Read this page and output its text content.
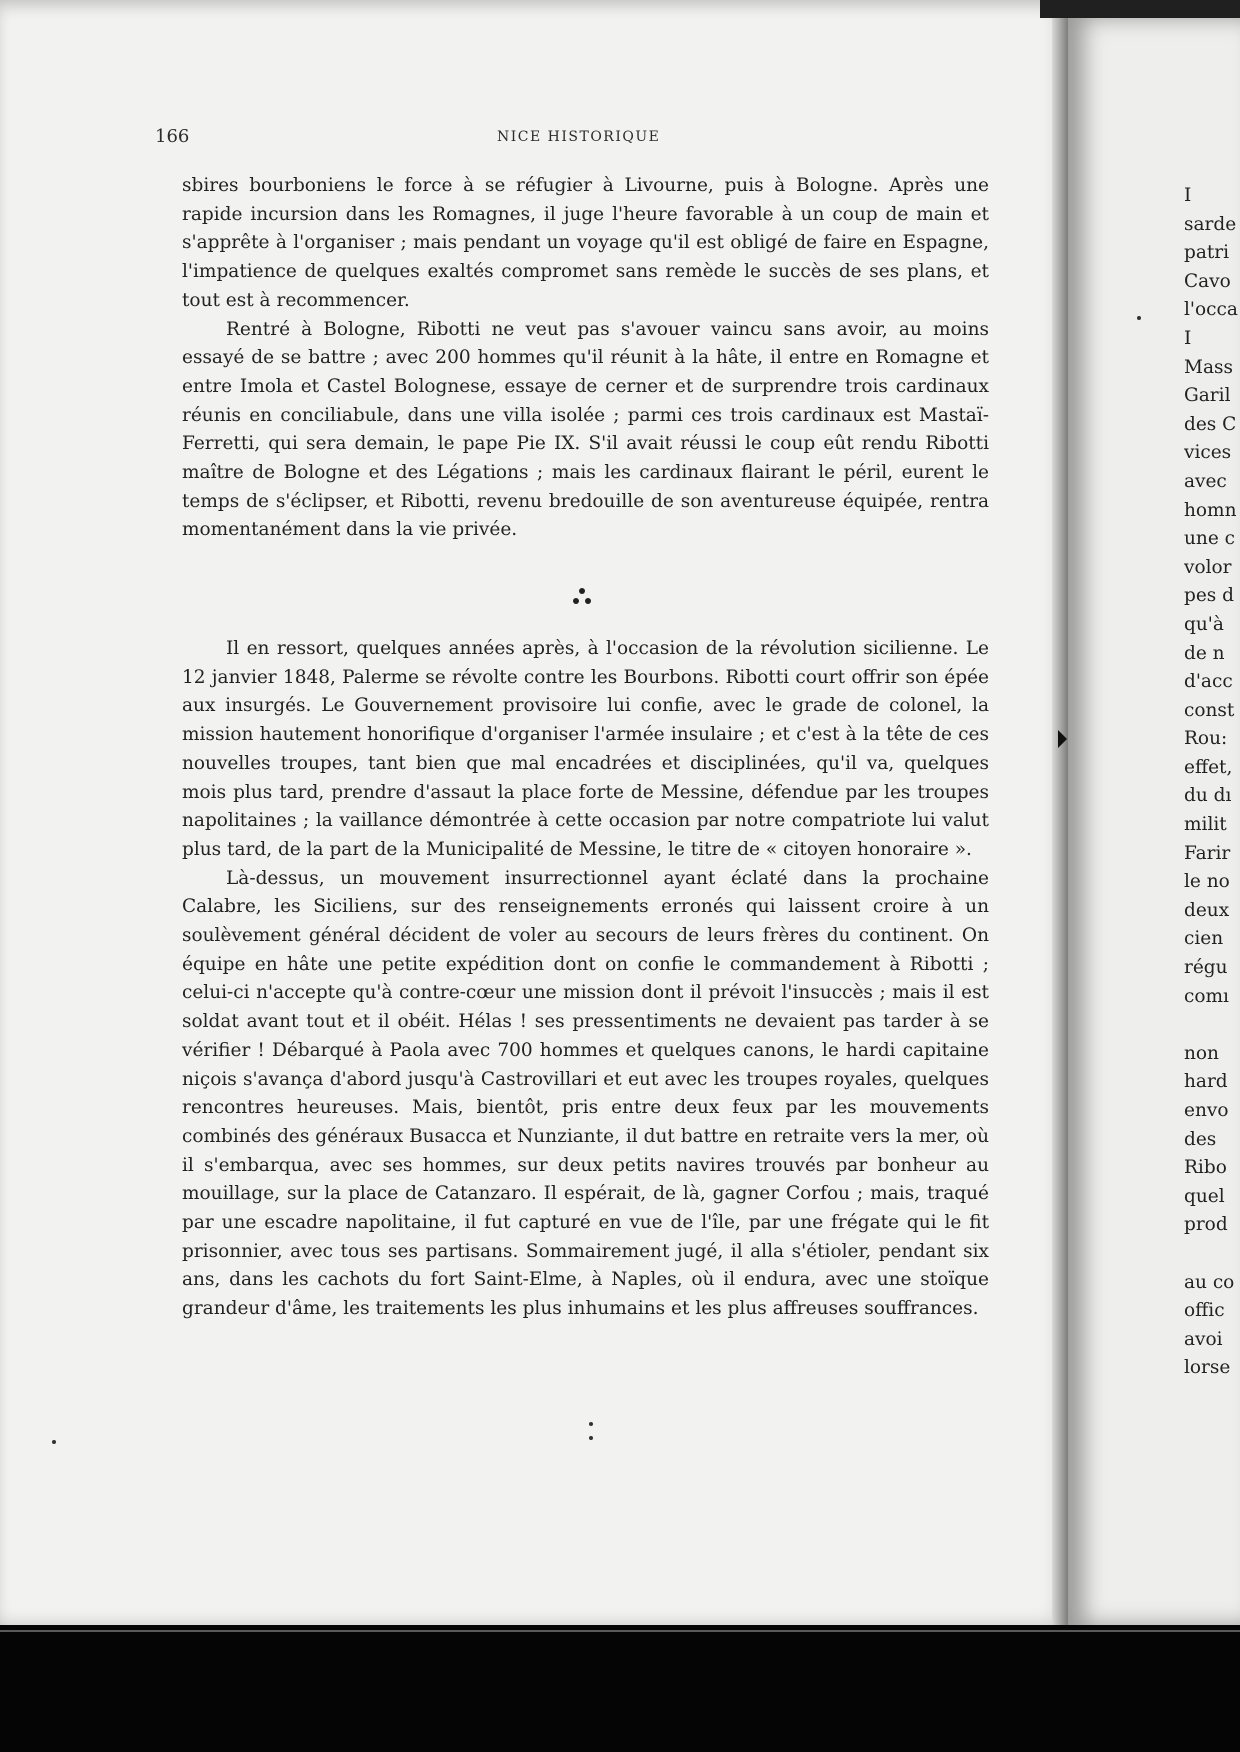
166	NICE HISTORIQUE

sbires bourboniens le force à se réfugier à Livourne, puis à Bologne. Après une rapide incursion dans les Romagnes, il juge l'heure favorable à un coup de main et s'apprête à l'organiser ; mais pendant un voyage qu'il est obligé de faire en Espagne, l'impatience de quelques exaltés compromet sans remède le succès de ses plans, et tout est à recommencer.

Rentré à Bologne, Ribotti ne veut pas s'avouer vaincu sans avoir, au moins essayé de se battre ; avec 200 hommes qu'il réunit à la hâte, il entre en Romagne et entre Imola et Castel Bolognese, essaye de cerner et de surprendre trois cardinaux réunis en conciliabule, dans une villa isolée ; parmi ces trois cardinaux est Mastaï-Ferretti, qui sera demain, le pape Pie IX. S'il avait réussi le coup eût rendu Ribotti maître de Bologne et des Légations ; mais les cardinaux flairant le péril, eurent le temps de s'éclipser, et Ribotti, revenu bredouille de son aventureuse équipée, rentra momentanément dans la vie privée.

Il en ressort, quelques années après, à l'occasion de la révolution sicilienne. Le 12 janvier 1848, Palerme se révolte contre les Bourbons. Ribotti court offrir son épée aux insurgés. Le Gouvernement provisoire lui confie, avec le grade de colonel, la mission hautement honorifique d'organiser l'armée insulaire ; et c'est à la tête de ces nouvelles troupes, tant bien que mal encadrées et disciplinées, qu'il va, quelques mois plus tard, prendre d'assaut la place forte de Messine, défendue par les troupes napolitaines ; la vaillance démontrée à cette occasion par notre compatriote lui valut plus tard, de la part de la Municipalité de Messine, le titre de « citoyen honoraire ».

Là-dessus, un mouvement insurrectionnel ayant éclaté dans la prochaine Calabre, les Siciliens, sur des renseignements erronés qui laissent croire à un soulèvement général décident de voler au secours de leurs frères du continent. On équipe en hâte une petite expédition dont on confie le commandement à Ribotti ; celui-ci n'accepte qu'à contre-cœur une mission dont il prévoit l'insuccès ; mais il est soldat avant tout et il obéit. Hélas ! ses pressentiments ne devaient pas tarder à se vérifier ! Débarqué à Paola avec 700 hommes et quelques canons, le hardi capitaine niçois s'avança d'abord jusqu'à Castrovillari et eut avec les troupes royales, quelques rencontres heureuses. Mais, bientôt, pris entre deux feux par les mouvements combinés des généraux Busacca et Nunziante, il dut battre en retraite vers la mer, où il s'embarqua, avec ses hommes, sur deux petits navires trouvés par bonheur au mouillage, sur la place de Catanzaro. Il espérait, de là, gagner Corfou ; mais, traqué par une escadre napolitaine, il fut capturé en vue de l'île, par une frégate qui le fit prisonnier, avec tous ses partisans. Sommairement jugé, il alla s'étioler, pendant six ans, dans les cachots du fort Saint-Elme, à Naples, où il endura, avec une stoïque grandeur d'âme, les traitements les plus inhumains et les plus affreuses souffrances.

I
sarde
patri
Cavo
l'occa
I
Mass
Garil
des C
vices
avec
homn
une c
volor
pes d
qu'à
de n
d'acc
const
Rou:
effet,
du dı
milit
Farir
le no
deux
cien
régu
comı
non
hard
envo
des
Ribo
quel
prod
au co
offic
avoi
lorse
